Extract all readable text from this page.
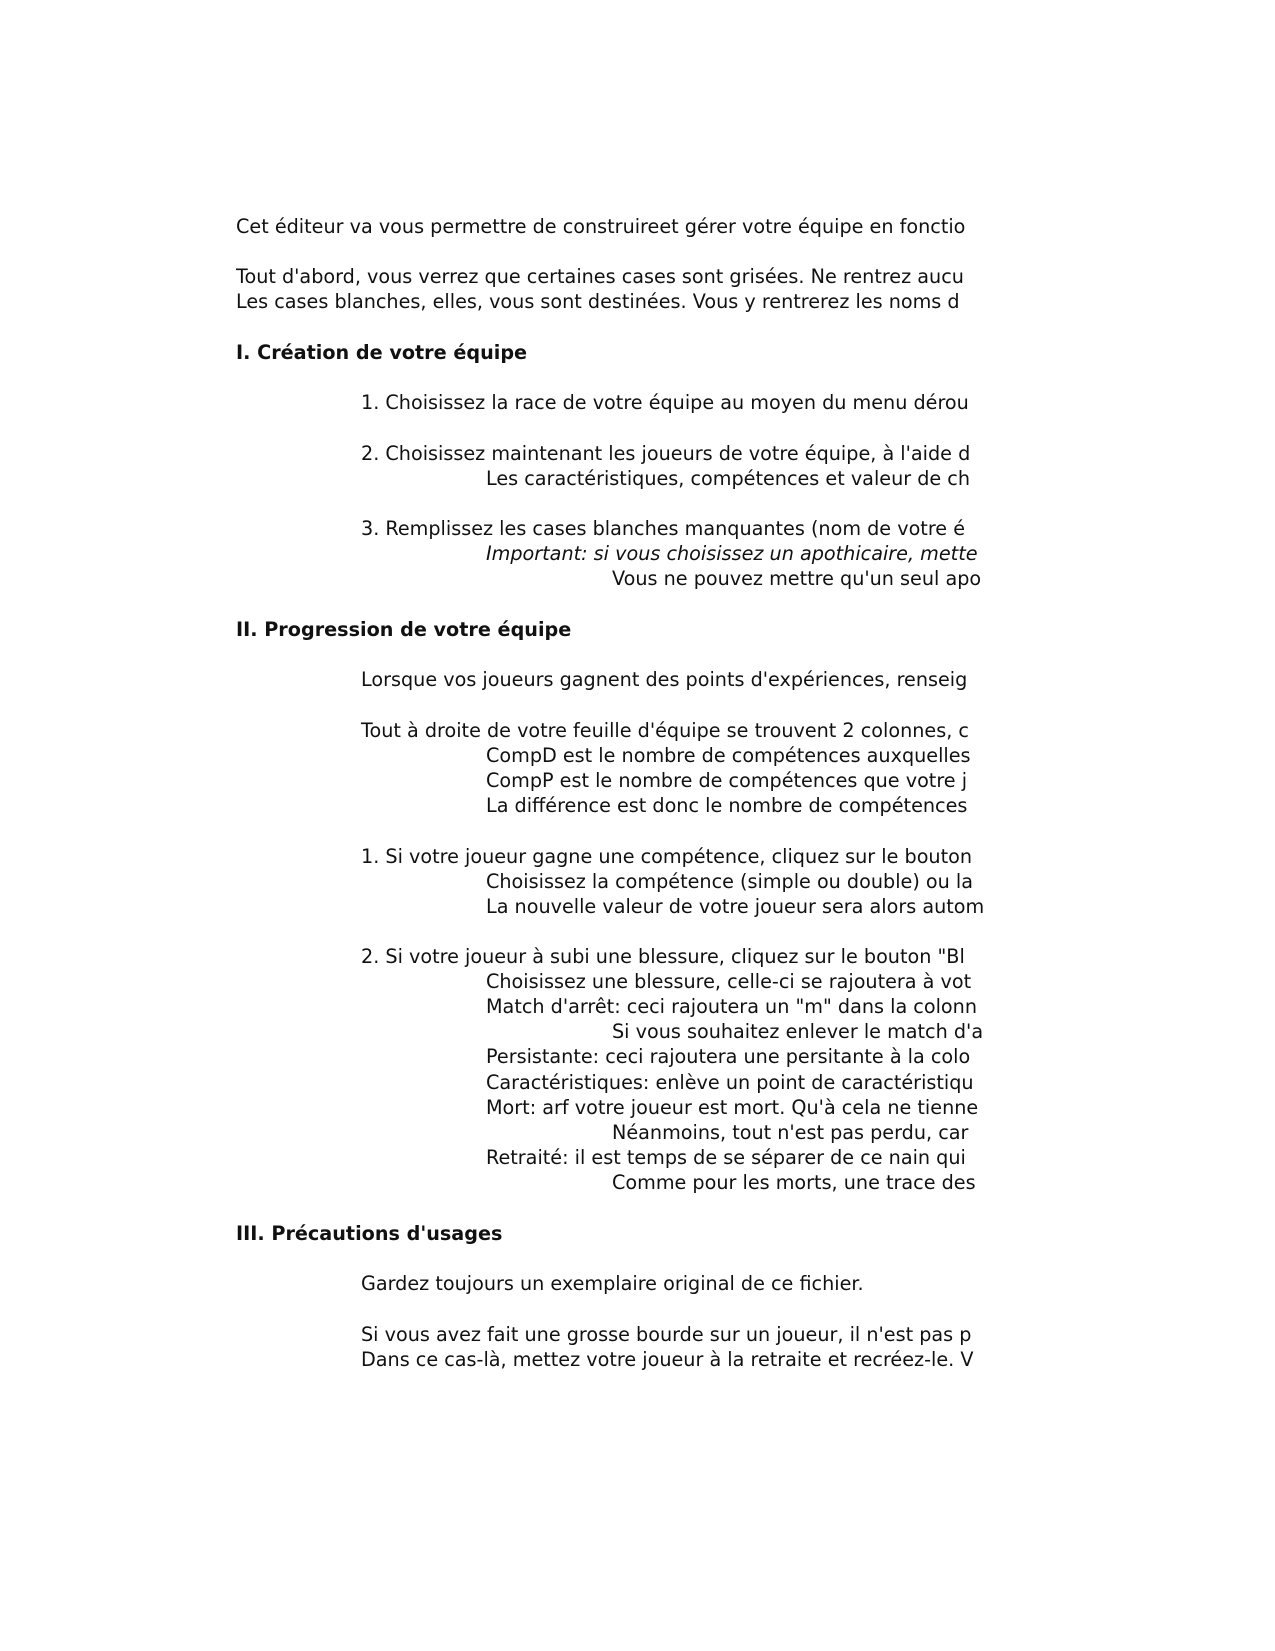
Cet éditeur va vous permettre de construireet gérer votre équipe en fonctio
Tout d'abord, vous verrez que certaines cases sont grisées. Ne rentrez aucu
Les cases blanches, elles, vous sont destinées. Vous y rentrerez les noms d
I. Création de votre équipe
1. Choisissez la race de votre équipe au moyen du menu dérou
2. Choisissez maintenant les joueurs de votre équipe, à l'aide d
Les caractéristiques, compétences et valeur de ch
3. Remplissez les cases blanches manquantes (nom de votre é
Important: si vous choisissez un apothicaire, mette
Vous ne pouvez mettre qu'un seul apo
II. Progression de votre équipe
Lorsque vos joueurs gagnent des points d'expériences, renseig
Tout à droite de votre feuille d'équipe se trouvent 2 colonnes, c
CompD est le nombre de compétences auxquelles
CompP est le nombre de compétences que votre j
La différence est donc le nombre de compétences
1. Si votre joueur gagne une compétence, cliquez sur le bouton
Choisissez la compétence (simple ou double) ou la
La nouvelle valeur de votre joueur sera alors autom
2. Si votre joueur à subi une blessure, cliquez sur le bouton "Bl
Choisissez une blessure, celle-ci se rajoutera à vot
Match d'arrêt: ceci rajoutera un "m" dans la colonn
Si vous souhaitez enlever le match d'a
Persistante: ceci rajoutera une persitante à la colo
Caractéristiques: enlève un point de caractéristiqu
Mort: arf votre joueur est mort. Qu'à cela ne tienne
Néanmoins, tout n'est pas perdu, car
Retraité: il est temps de se séparer de ce nain qui
Comme pour les morts, une trace des
III. Précautions d'usages
Gardez toujours un exemplaire original de ce fichier.
Si vous avez fait une grosse bourde sur un joueur, il n'est pas p
Dans ce cas-là, mettez votre joueur à la retraite et recréez-le. V
